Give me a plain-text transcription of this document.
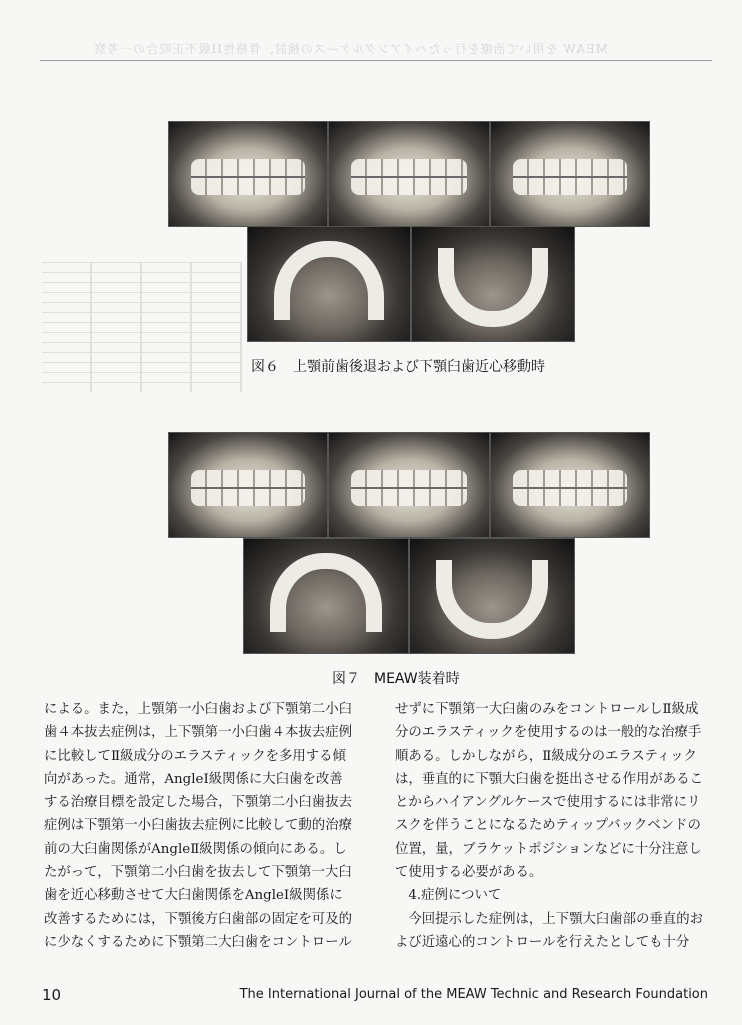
MEAW を用いて治療を行ったハイアングルケースの検討，骨格性II級不正咬合の一考察
図６　上顎前歯後退および下顎臼歯近心移動時
図７　MEAW装着時

による。また，上顎第一小臼歯および下顎第二小臼

歯４本抜去症例は，上下顎第一小臼歯４本抜去症例

に比較してⅡ級成分のエラスティックを多用する傾

向があった。通常，AngleⅠ級関係に大臼歯を改善

する治療目標を設定した場合，下顎第二小臼歯抜去

症例は下顎第一小臼歯抜去症例に比較して動的治療

前の大臼歯関係がAngleⅡ級関係の傾向にある。し

たがって，下顎第二小臼歯を抜去して下顎第一大臼

歯を近心移動させて大臼歯関係をAngleⅠ級関係に

改善するためには，下顎後方臼歯部の固定を可及的

に少なくするために下顎第二大臼歯をコントロール

せずに下顎第一大臼歯のみをコントロールしⅡ級成

分のエラスティックを使用するのは一般的な治療手

順ある。しかしながら，Ⅱ級成分のエラスティック

は，垂直的に下顎大臼歯を挺出させる作用があるこ

とからハイアングルケースで使用するには非常にリ

スクを伴うことになるためティップバックベンドの

位置，量，ブラケットポジションなどに十分注意し

て使用する必要がある。

　4.症例について

　今回提示した症例は，上下顎大臼歯部の垂直的お

よび近遠心的コントロールを行えたとしても十分

10	The International Journal of the MEAW Technic and Research Foundation
